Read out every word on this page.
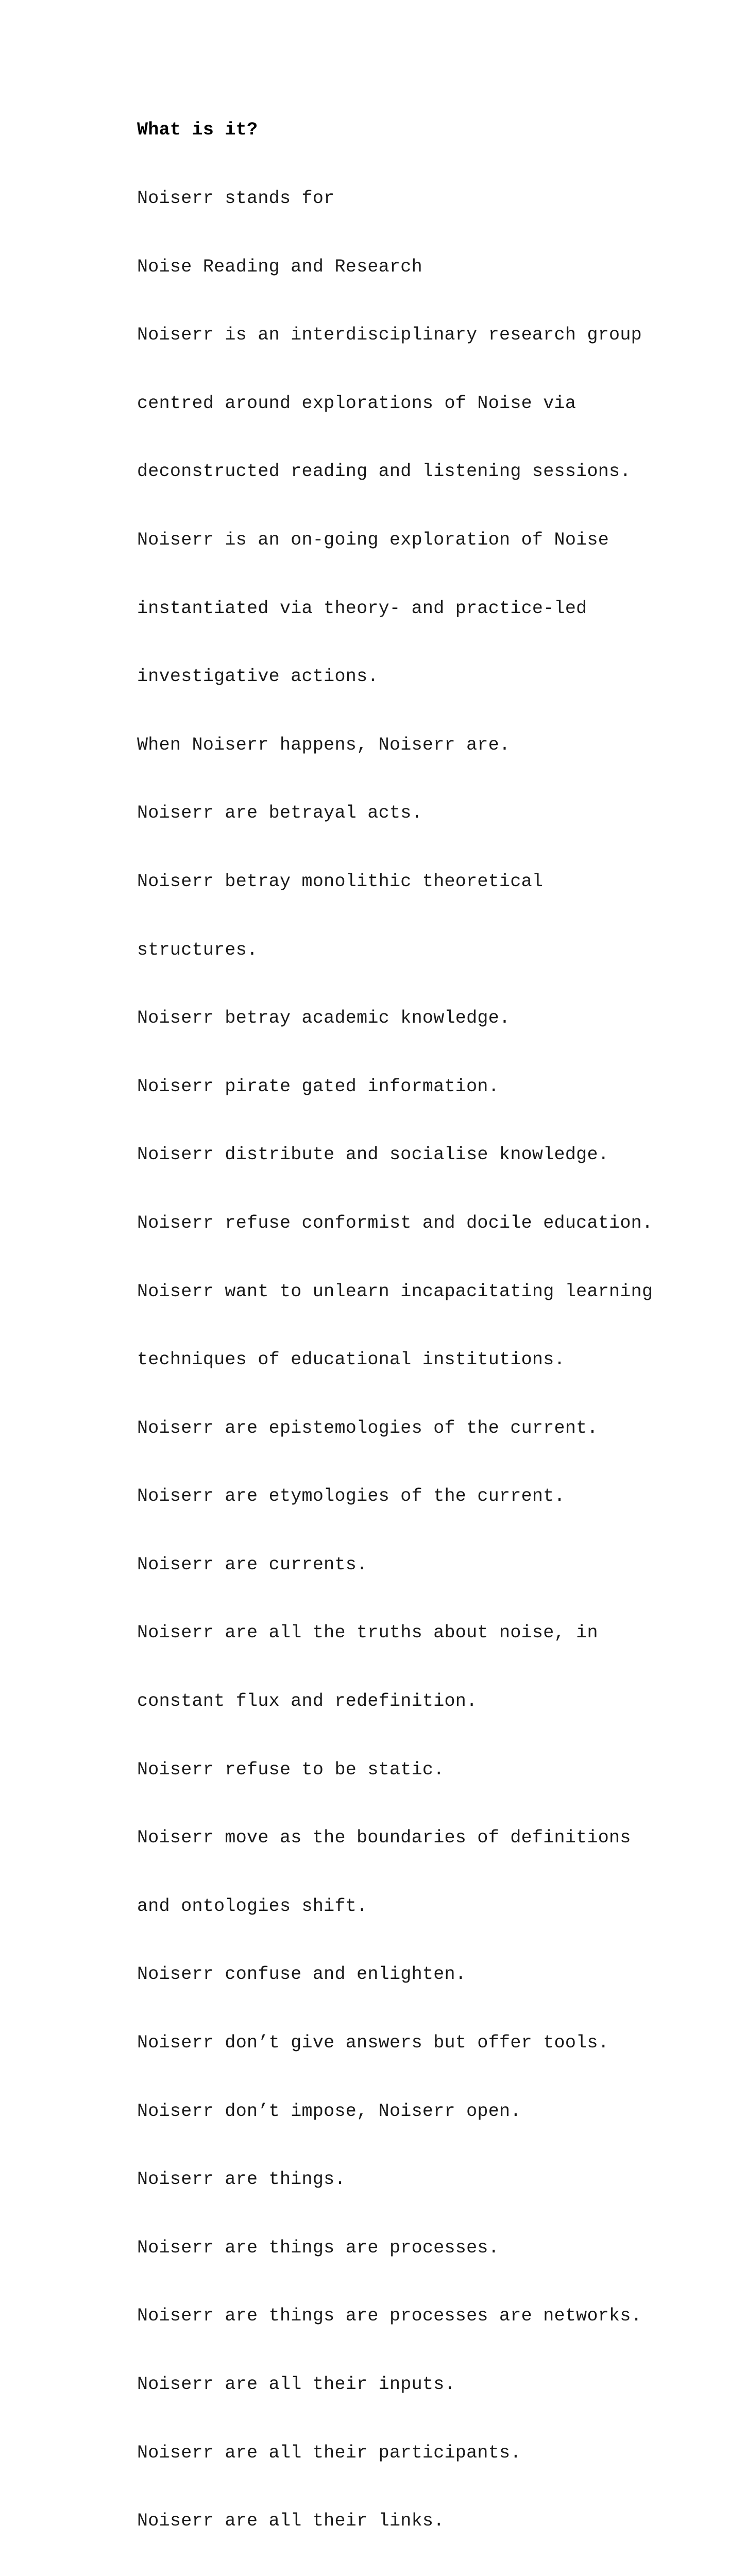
What is it?

Noiserr stands for

Noise Reading and Research

Noiserr is an interdisciplinary research group

centred around explorations of Noise via

deconstructed reading and listening sessions.

Noiserr is an on-going exploration of Noise

instantiated via theory- and practice-led

investigative actions.

When Noiserr happens, Noiserr are.

Noiserr are betrayal acts.

Noiserr betray monolithic theoretical

structures.

Noiserr betray academic knowledge.

Noiserr pirate gated information.

Noiserr distribute and socialise knowledge.

Noiserr refuse conformist and docile education.

Noiserr want to unlearn incapacitating learning

techniques of educational institutions.

Noiserr are epistemologies of the current.

Noiserr are etymologies of the current.

Noiserr are currents.

Noiserr are all the truths about noise, in

constant flux and redefinition.

Noiserr refuse to be static.

Noiserr move as the boundaries of definitions

and ontologies shift.

Noiserr confuse and enlighten.

Noiserr don’t give answers but offer tools.

Noiserr don’t impose, Noiserr open.

Noiserr are things.

Noiserr are things are processes.

Noiserr are things are processes are networks.

Noiserr are all their inputs.

Noiserr are all their participants.

Noiserr are all their links.
